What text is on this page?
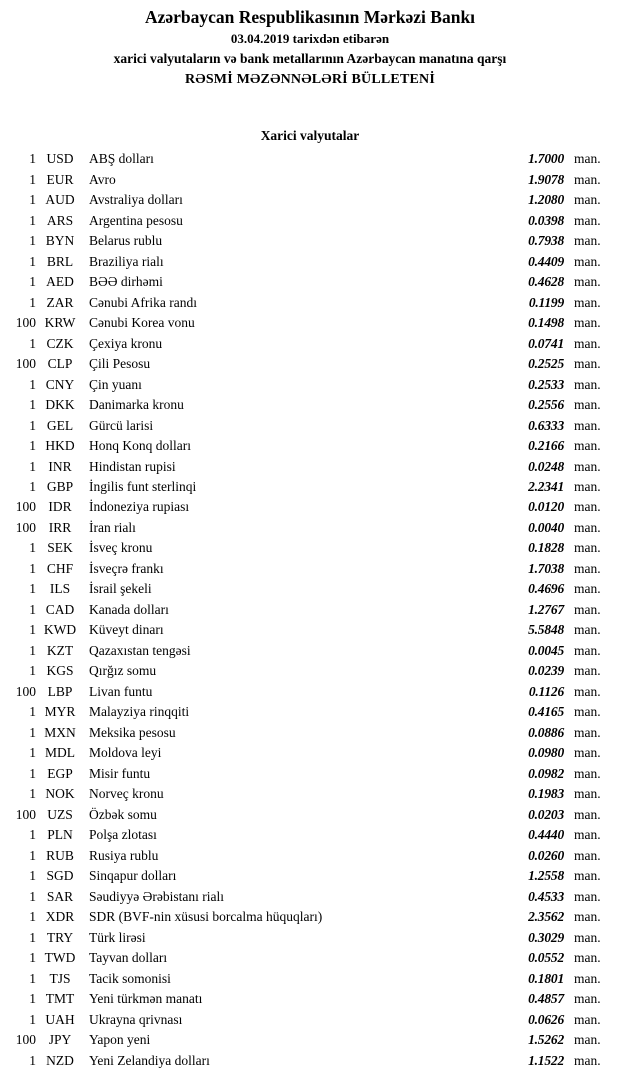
Azərbaycan Respublikasının Mərkəzi Bankı
03.04.2019 tarixdən etibarən
xarici valyutaların və bank metallarının Azərbaycan manatına qarşı
RƏSMİ MƏZƏNNƏLƏRİ BÜLLETENİ
Xarici valyutalar
1 USD	ABŞ dolları	1.7000 man.
1 EUR	Avro	1.9078 man.
1 AUD	Avstraliya dolları	1.2080 man.
1 ARS	Argentina pesosu	0.0398 man.
1 BYN	Belarus rublu	0.7938 man.
1 BRL	Braziliya rialı	0.4409 man.
1 AED	BƏƏ dirhəmi	0.4628 man.
1 ZAR	Cənubi Afrika randı	0.1199 man.
100 KRW	Cənubi Korea vonu	0.1498 man.
1 CZK	Çexiya kronu	0.0741 man.
100 CLP	Çili Pesosu	0.2525 man.
1 CNY	Çin yuanı	0.2533 man.
1 DKK	Danimarka kronu	0.2556 man.
1 GEL	Gürcü larisi	0.6333 man.
1 HKD	Honq Konq dolları	0.2166 man.
1 INR	Hindistan rupisi	0.0248 man.
1 GBP	İngilis funt sterlinqi	2.2341 man.
100 IDR	İndoneziya rupiası	0.0120 man.
100 IRR	İran rialı	0.0040 man.
1 SEK	İsveç kronu	0.1828 man.
1 CHF	İsveçrə frankı	1.7038 man.
1	ILS	İsrail şekeli	0.4696 man.
1 CAD	Kanada dolları	1.2767 man.
1 KWD Küveyt dinarı	5.5848 man.
1 KZT	Qazaxıstan tengəsi	0.0045 man.
1 KGS	Qırğız somu	0.0239 man.
100 LBP	Livan funtu	0.1126 man.
1 MYR	Malayziya rinqqiti	0.4165 man.
1 MXN Meksika pesosu	0.0886 man.
1 MDL	Moldova leyi	0.0980 man.
1 EGP	Misir funtu	0.0982 man.
1 NOK	Norveç kronu	0.1983 man.
100 UZS	Özbək somu	0.0203 man.
1 PLN	Polşa zlotası	0.4440 man.
1 RUB	Rusiya rublu	0.0260 man.
1 SGD	Sinqapur dolları	1.2558 man.
1 SAR	Səudiyyə Ərəbistanı rialı	0.4533 man.
1 XDR	SDR (BVF-nin xüsusi borcalma hüquqları)	2.3562 man.
1 TRY	Türk lirəsi	0.3029 man.
1 TWD	Tayvan dolları	0.0552 man.
1 TJS	Tacik somonisi	0.1801 man.
1 TMT	Yeni türkmən manatı	0.4857 man.
1 UAH	Ukrayna qrivnası	0.0626 man.
100 JPY	Yapon yeni	1.5262 man.
1 NZD	Yeni Zelandiya dolları	1.1522 man.
